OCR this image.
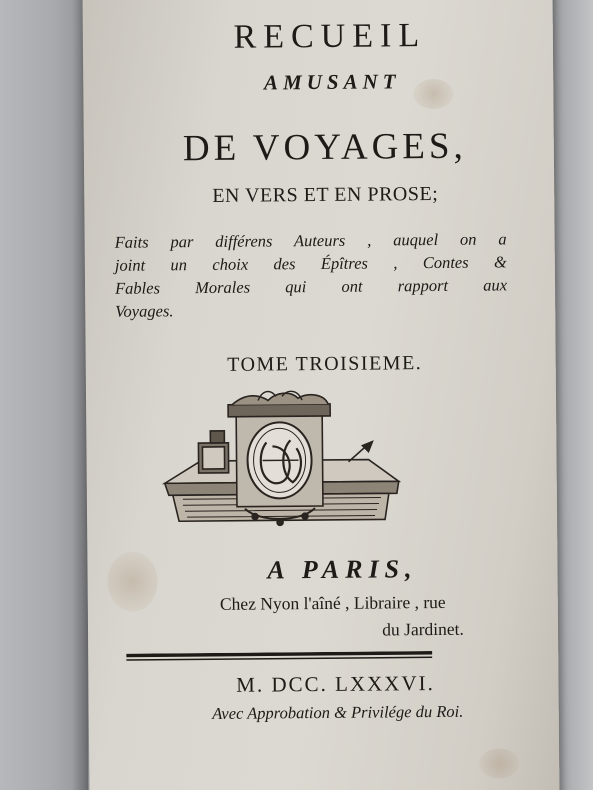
RECUEIL

AMUSANT

DE VOYAGES,

EN VERS ET EN PROSE;

Faits par différens Auteurs , auquel on a
joint un choix des Épîtres , Contes &
Fables Morales qui ont rapport aux
Voyages.

TOME TROISIEME.

A PARIS,

Chez Nyon l'aîné , Libraire , rue

du Jardinet.

M. DCC. LXXXVI.

Avec Approbation & Privilége du Roi.
